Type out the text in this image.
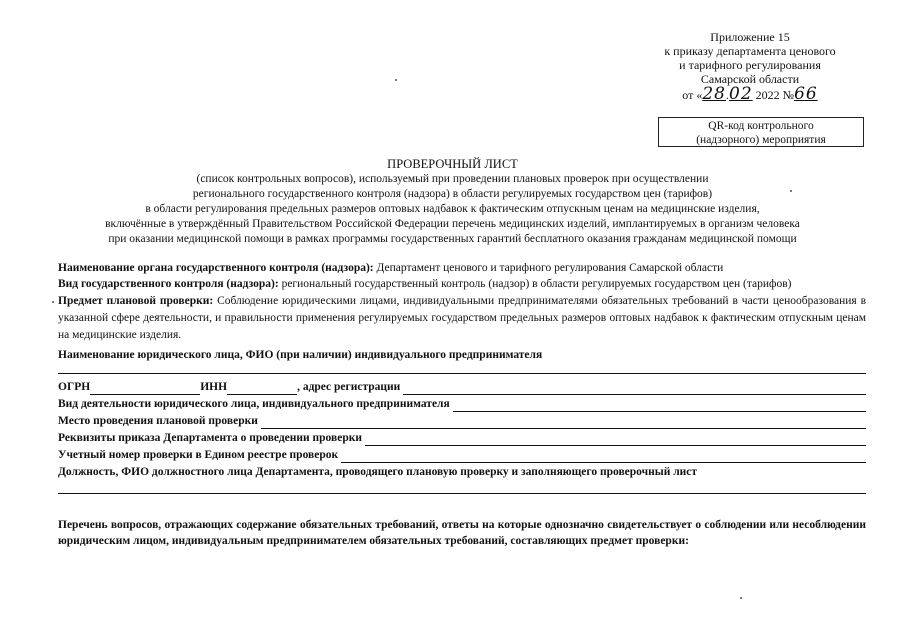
Приложение 15
к приказу департамента ценового
и тарифного регулирования
Самарской области
от «28.02 2022 №66
QR-код контрольного
(надзорного) мероприятия
ПРОВЕРОЧНЫЙ ЛИСТ
(список контрольных вопросов), используемый при проведении плановых проверок при осуществлении
регионального государственного контроля (надзора) в области регулируемых государством цен (тарифов)
в области регулирования предельных размеров оптовых надбавок к фактическим отпускным ценам на медицинские изделия,
включённые в утверждённый Правительством Российской Федерации перечень медицинских изделий, имплантируемых в организм человека
при оказании медицинской помощи в рамках программы государственных гарантий бесплатного оказания гражданам медицинской помощи
Наименование органа государственного контроля (надзора): Департамент ценового и тарифного регулирования Самарской области
Вид государственного контроля (надзора): региональный государственный контроль (надзор) в области регулируемых государством цен (тарифов)
Предмет плановой проверки: Соблюдение юридическими лицами, индивидуальными предпринимателями обязательных требований в части ценообразования в указанной сфере деятельности, и правильности применения регулируемых государством предельных размеров оптовых надбавок к фактическим отпускным ценам на медицинские изделия.
Наименование юридического лица, ФИО (при наличии) индивидуального предпринимателя
ОГРН	ИНН	, адрес регистрации
Вид деятельности юридического лица, индивидуального предпринимателя
Место проведения плановой проверки
Реквизиты приказа Департамента о проведении проверки
Учетный номер проверки в Едином реестре проверок
Должность, ФИО должностного лица Департамента, проводящего плановую проверку и заполняющего проверочный лист
Перечень вопросов, отражающих содержание обязательных требований, ответы на которые однозначно свидетельствует о соблюдении или несоблюдении юридическим лицом, индивидуальным предпринимателем обязательных требований, составляющих предмет проверки:
